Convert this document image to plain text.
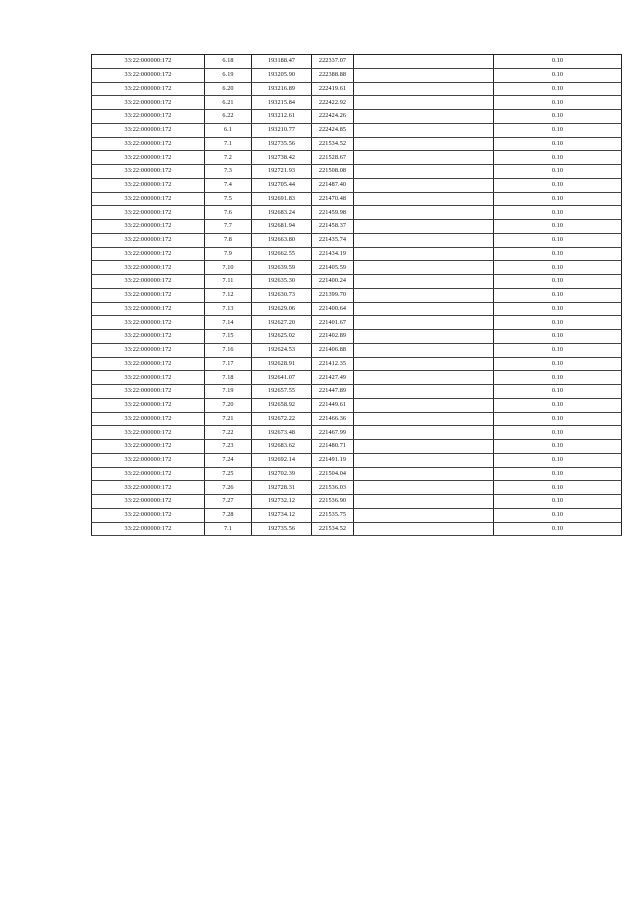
33:22:000000:172	6.18	193188.47	222337.07		0.10
33:22:000000:172	6.19	193205.90	222388.88		0.10
33:22:000000:172	6.20	193216.89	222419.61		0.10
33:22:000000:172	6.21	193215.84	222422.92		0.10
33:22:000000:172	6.22	193212.61	222424.26		0.10
33:22:000000:172	6.1	193210.77	222424.85		0.10
33:22:000000:172	7.1	192735.56	221534.52		0.10
33:22:000000:172	7.2	192738.42	221528.67		0.10
33:22:000000:172	7.3	192721.93	221508.08		0.10
33:22:000000:172	7.4	192705.44	221487.40		0.10
33:22:000000:172	7.5	192691.83	221470.48		0.10
33:22:000000:172	7.6	192683.24	221459.98		0.10
33:22:000000:172	7.7	192681.94	221458.37		0.10
33:22:000000:172	7.8	192663.80	221435.74		0.10
33:22:000000:172	7.9	192662.55	221434.19		0.10
33:22:000000:172	7.10	192639.59	221405.59		0.10
33:22:000000:172	7.11	192635.30	221400.24		0.10
33:22:000000:172	7.12	192630.73	221399.70		0.10
33:22:000000:172	7.13	192629.06	221400.64		0.10
33:22:000000:172	7.14	192627.20	221401.67		0.10
33:22:000000:172	7.15	192625.02	221402.89		0.10
33:22:000000:172	7.16	192624.53	221406.88		0.10
33:22:000000:172	7.17	192628.91	221412.35		0.10
33:22:000000:172	7.18	192641.07	221427.49		0.10
33:22:000000:172	7.19	192657.55	221447.89		0.10
33:22:000000:172	7.20	192658.92	221449.61		0.10
33:22:000000:172	7.21	192672.22	221466.36		0.10
33:22:000000:172	7.22	192673.48	221467.99		0.10
33:22:000000:172	7.23	192683.62	221480.71		0.10
33:22:000000:172	7.24	192692.14	221491.19		0.10
33:22:000000:172	7.25	192702.39	221504.04		0.10
33:22:000000:172	7.26	192728.31	221536.03		0.10
33:22:000000:172	7.27	192732.12	221536.90		0.10
33:22:000000:172	7.28	192734.12	221535.75		0.10
33:22:000000:172	7.1	192735.56	221534.52		0.10
